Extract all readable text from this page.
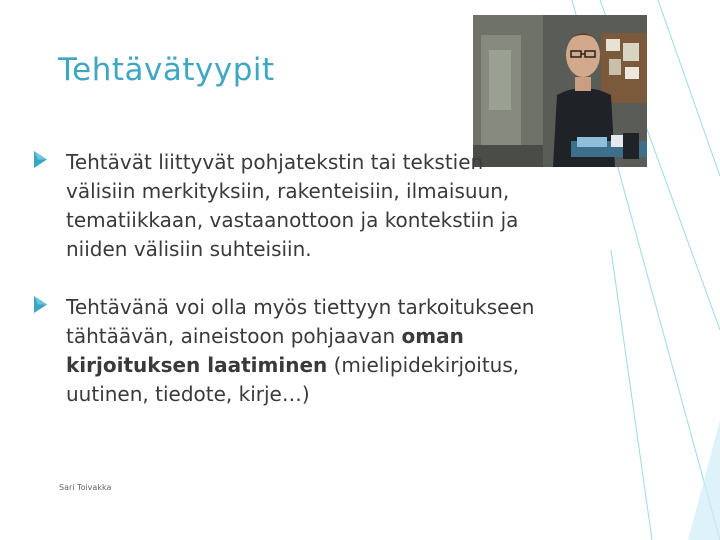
Tehtävätyypit
Tehtävät liittyvät pohjatekstin tai tekstien välisiin merkityksiin, rakenteisiin, ilmaisuun, tematiikkaan, vastaanottoon ja kontekstiin ja niiden välisiin suhteisiin.
Tehtävänä voi olla myös tiettyyn tarkoitukseen tähtäävän, aineistoon pohjaavan oman kirjoituksen laatiminen (mielipidekirjoitus, uutinen, tiedote, kirje…)
Sari Toivakka
